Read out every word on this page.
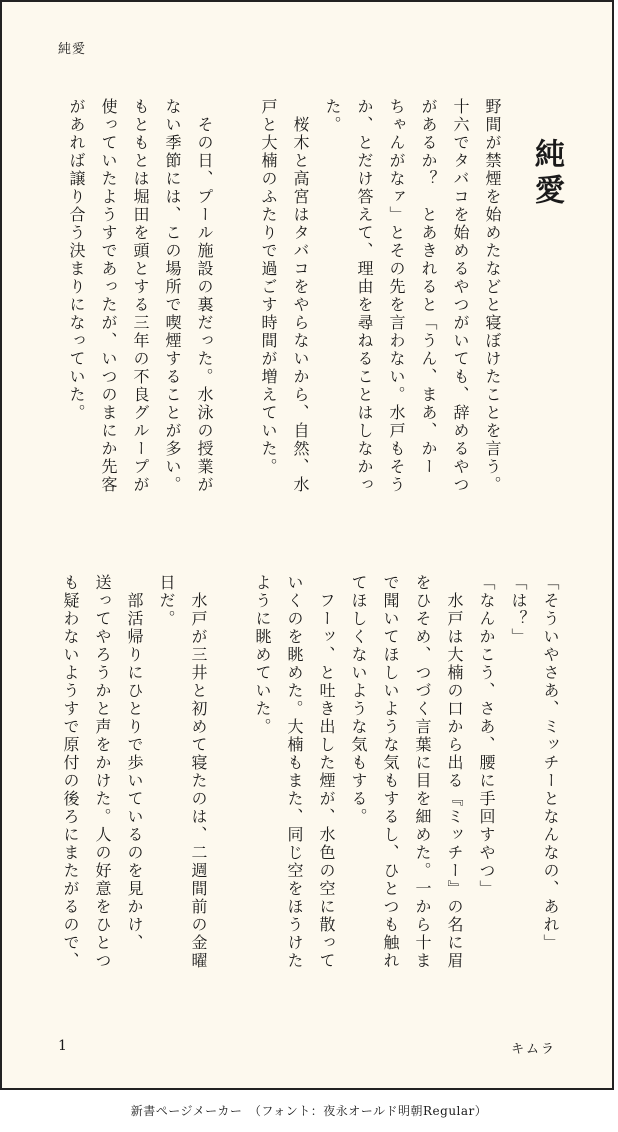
純愛
純愛
野間が禁煙を始めたなどと寝ぼけたことを言う。
十六でタバコを始めるやつがいても、辞めるやつ
があるか？　とあきれると「うん、まあ、かー
ちゃんがなァ」とその先を言わない。水戸もそう
か、とだけ答えて、理由を尋ねることはしなかっ
た。
　桜木と高宮はタバコをやらないから、自然、水
戸と大楠のふたりで過ごす時間が増えていた。

　その日、プール施設の裏だった。水泳の授業が
ない季節には、この場所で喫煙することが多い。
もともとは堀田を頭とする三年の不良グループが
使っていたようすであったが、いつのまにか先客
があれば譲り合う決まりになっていた。
「そういやさあ、ミッチーとなんなの、あれ」
「は？」
「なんかこう、さあ、腰に手回すやつ」
　水戸は大楠の口から出る『ミッチー』の名に眉
をひそめ、つづく言葉に目を細めた。一から十ま
で聞いてほしいような気もするし、ひとつも触れ
てほしくないような気もする。
　フーッ、と吐き出した煙が、水色の空に散って
いくのを眺めた。大楠もまた、同じ空をほうけた
ように眺めていた。

　水戸が三井と初めて寝たのは、二週間前の金曜
日だ。
　部活帰りにひとりで歩いているのを見かけ、
送ってやろうかと声をかけた。人の好意をひとつ
も疑わないようすで原付の後ろにまたがるので、
1	キムラ
新書ページメーカー　（フォント：夜永オールド明朝Regular）
